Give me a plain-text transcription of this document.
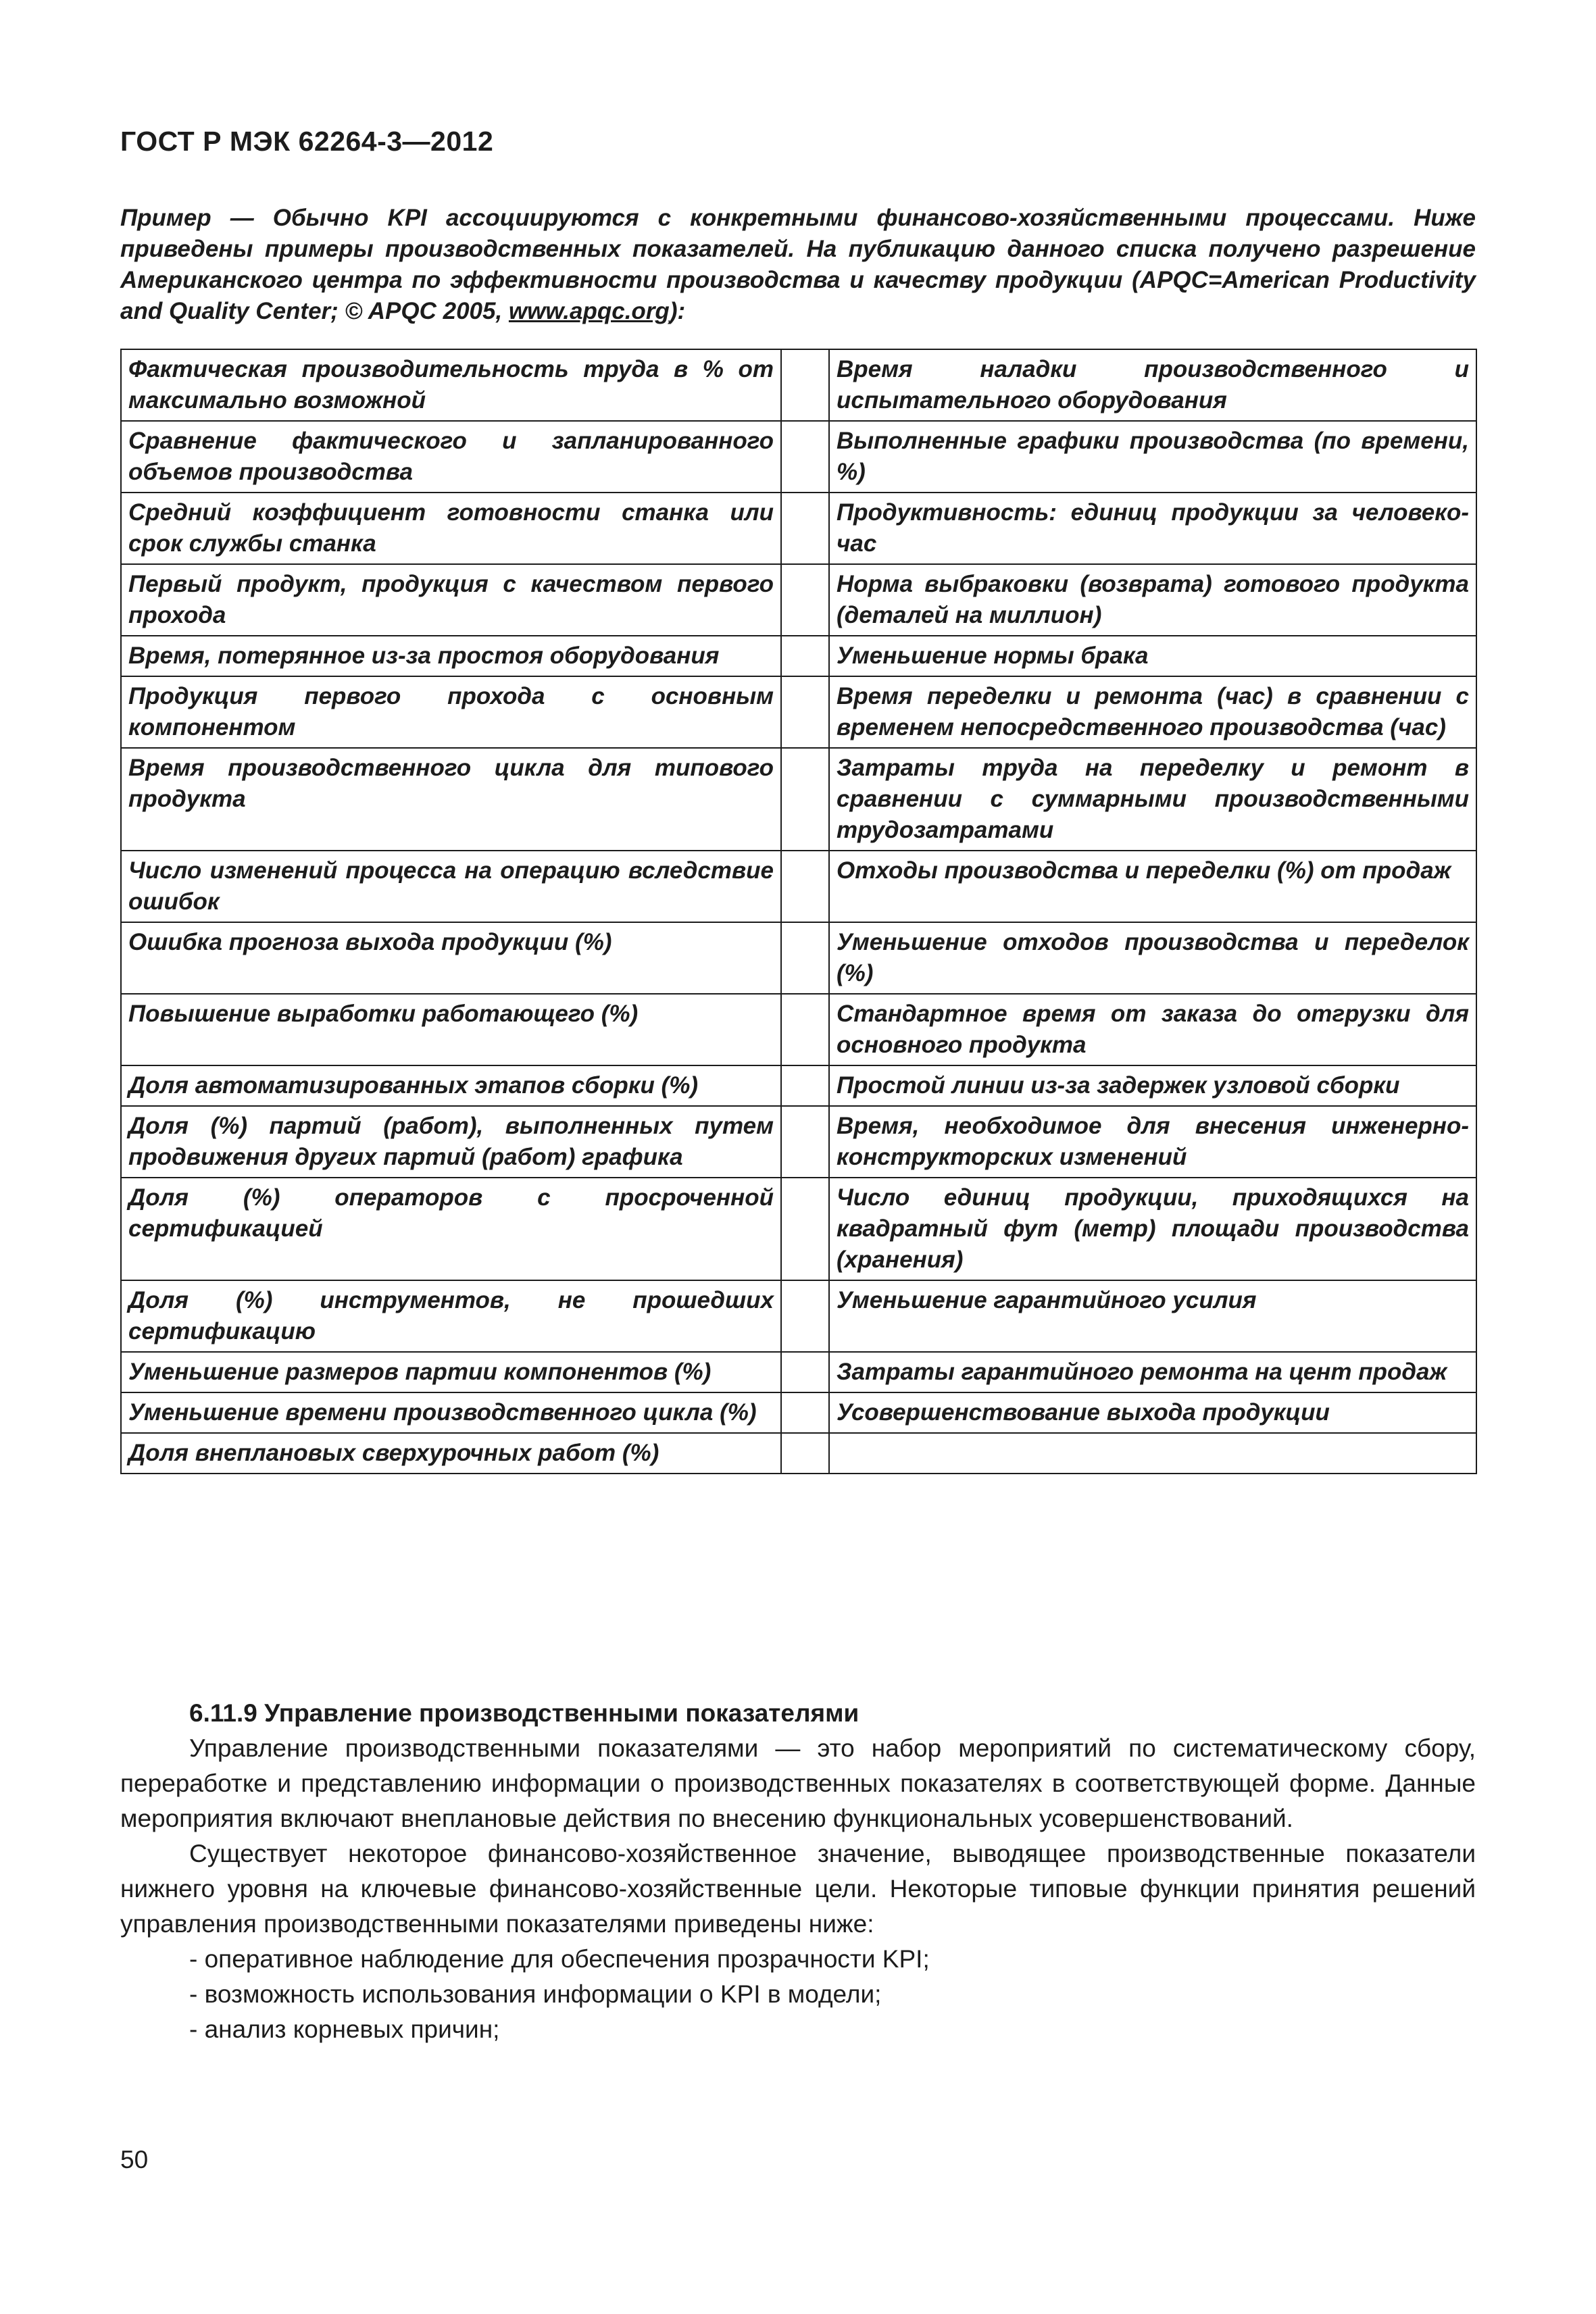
ГОСТ Р МЭК 62264-3—2012
Пример — Обычно KPI ассоциируются с конкретными финансово-хозяйственными процессами. Ниже приведены примеры производственных показателей. На публикацию данного списка получено разрешение Американского центра по эффективности производства и качеству продукции (APQC=American Productivity and Quality Center; © APQC 2005, www.apqc.org):
Фактическая производительность труда в % от максимально возможной		Время наладки производственного и испытательного оборудования
Сравнение фактического и запланированного объемов производства		Выполненные графики производства (по времени, %)
Средний коэффициент готовности станка или срок службы станка		Продуктивность: единиц продукции за человеко-час
Первый продукт, продукция с качеством первого прохода		Норма выбраковки (возврата) готового продукта (деталей на миллион)
Время, потерянное из-за простоя оборудования		Уменьшение нормы брака
Продукция первого прохода с основным компонентом		Время переделки и ремонта (час) в сравнении с временем непосредственного производства (час)
Время производственного цикла для типового продукта		Затраты труда на переделку и ремонт в сравнении с суммарными производственными трудозатратами
Число изменений процесса на операцию вследствие ошибок		Отходы производства и переделки (%) от продаж
Ошибка прогноза выхода продукции (%)		Уменьшение отходов производства и переделок (%)
Повышение выработки работающего (%)		Стандартное время от заказа до отгрузки для основного продукта
Доля автоматизированных этапов сборки (%)		Простой линии из-за задержек узловой сборки
Доля (%) партий (работ), выполненных путем продвижения других партий (работ) графика		Время, необходимое для внесения инженерно-конструкторских изменений
Доля (%) операторов с просроченной сертификацией		Число единиц продукции, приходящихся на квадратный фут (метр) площади производства (хранения)
Доля (%) инструментов, не прошедших сертификацию		Уменьшение гарантийного усилия
Уменьшение размеров партии компонентов (%)		Затраты гарантийного ремонта на цент продаж
Уменьшение времени производственного цикла (%)		Усовершенствование выхода продукции
Доля внеплановых сверхурочных работ (%)		
6.11.9 Управление производственными показателями

Управление производственными показателями — это набор мероприятий по систематическому сбору, переработке и представлению информации о производственных показателях в соответствующей форме. Данные мероприятия включают внеплановые действия по внесению функциональных усовершенствований.

Существует некоторое финансово-хозяйственное значение, выводящее производственные показатели нижнего уровня на ключевые финансово-хозяйственные цели. Некоторые типовые функции принятия решений управления производственными показателями приведены ниже:

- оперативное наблюдение для обеспечения прозрачности KPI;
- возможность использования информации о KPI в модели;
- анализ корневых причин;
50
